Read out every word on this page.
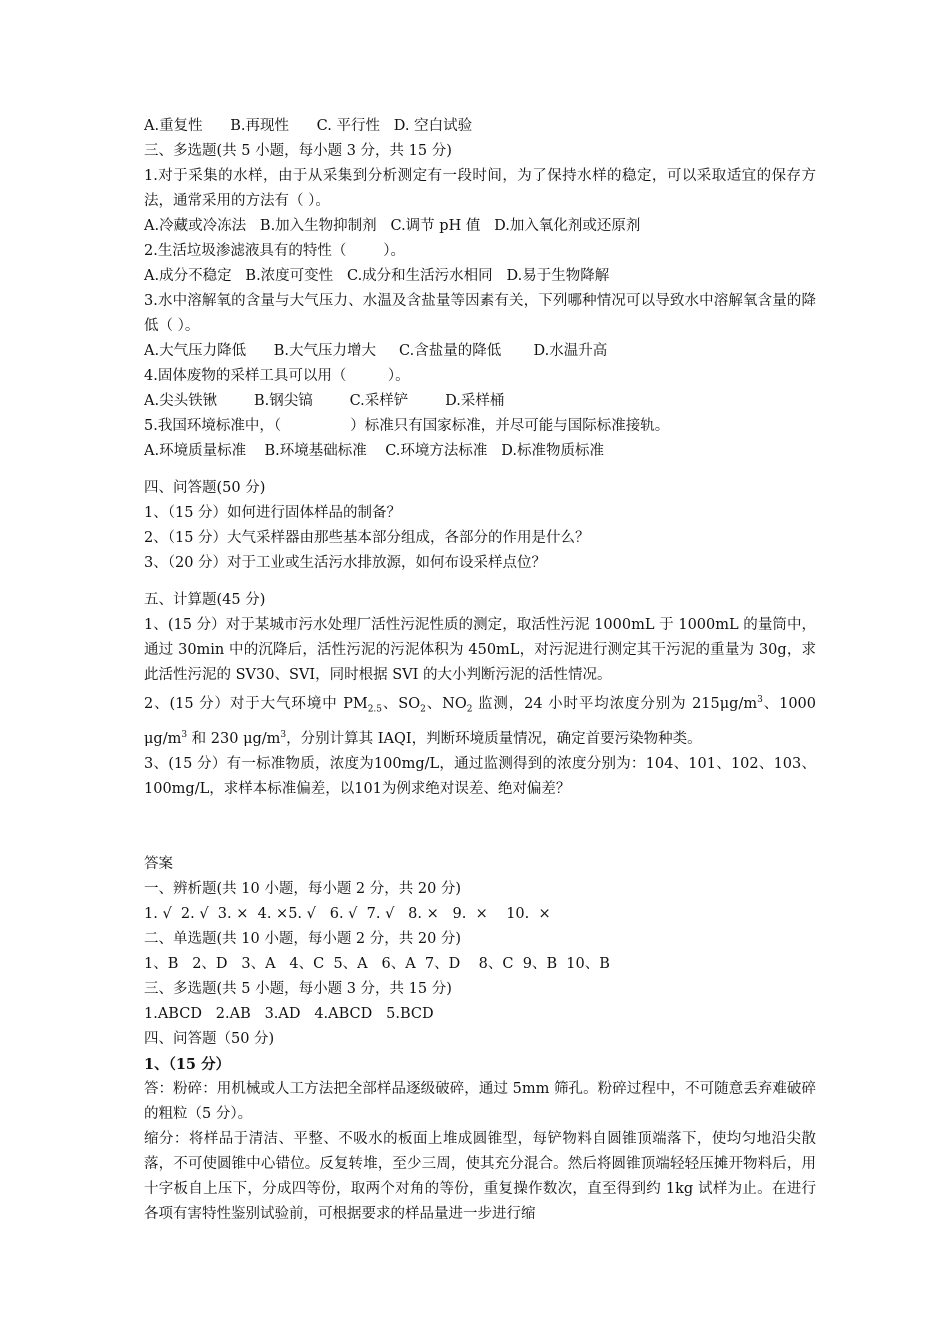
A.重复性      B.再现性      C. 平行性   D. 空白试验

三、多选题(共 5 小题，每小题 3 分，共 15 分)

1.对于采集的水样，由于从采集到分析测定有一段时间，为了保持水样的稳定，可以采取适宜的保存方法，通常采用的方法有（ ）。

A.冷藏或冷冻法   B.加入生物抑制剂   C.调节 pH 值   D.加入氧化剂或还原剂

2.生活垃圾渗滤液具有的特性（        ）。

A.成分不稳定   B.浓度可变性   C.成分和生活污水相同   D.易于生物降解

3.水中溶解氧的含量与大气压力、水温及含盐量等因素有关，下列哪种情况可以导致水中溶解氧含量的降低（ ）。

A.大气压力降低      B.大气压力增大     C.含盐量的降低       D.水温升高

4.固体废物的采样工具可以用（         ）。

A.尖头铁锹        B.钢尖镐        C.采样铲        D.采样桶

5.我国环境标准中，（               ）标准只有国家标准，并尽可能与国际标准接轨。

A.环境质量标准    B.环境基础标准    C.环境方法标准   D.标准物质标准

四、问答题(50 分)

1、（15 分）如何进行固体样品的制备？

2、（15 分）大气采样器由那些基本部分组成，各部分的作用是什么？

3、（20 分）对于工业或生活污水排放源，如何布设采样点位？

五、计算题(45 分)

1、(15 分）对于某城市污水处理厂活性污泥性质的测定，取活性污泥 1000mL 于 1000mL 的量筒中，通过 30min 中的沉降后，活性污泥的污泥体积为 450mL，对污泥进行测定其干污泥的重量为 30g，求此活性污泥的 SV30、SVI，同时根据 SVI 的大小判断污泥的活性情况。

2、(15 分）对于大气环境中 $PM_{2.5}$、$SO_2$、$NO_2$ 监测，24 小时平均浓度分别为 $215\mu g/m^3$、1000 $\mu g/m^3$ 和 230 $\mu g/m^3$，分别计算其 IAQI，判断环境质量情况，确定首要污染物种类。

3、(15 分）有一标准物质，浓度为100mg/L，通过监测得到的浓度分别为：104、101、102、103、100mg/L，求样本标准偏差，以101为例求绝对误差、绝对偏差？

答案

一、辨析题(共 10 小题，每小题 2 分，共 20 分)

1. √  2. √  3. ×  4. ×5. √   6. √  7. √   8. ×   9.  ×    10.  ×

二、单选题(共 10 小题，每小题 2 分，共 20 分)

1、B   2、D   3、A   4、C  5、A   6、A  7、D    8、C  9、B  10、B

三、多选题(共 5 小题，每小题 3 分，共 15 分)

1.ABCD   2.AB   3.AD   4.ABCD   5.BCD

四、问答题（50 分)

1、（15 分）

答：粉碎：用机械或人工方法把全部样品逐级破碎，通过 5mm 筛孔。粉碎过程中，不可随意丢弃难破碎的粗粒（5 分）。

缩分：将样品于清洁、平整、不吸水的板面上堆成圆锥型，每铲物料自圆锥顶端落下，使均匀地沿尖散落，不可使圆锥中心错位。反复转堆，至少三周，使其充分混合。然后将圆锥顶端轻轻压摊开物料后，用十字板自上压下，分成四等份，取两个对角的等份，重复操作数次，直至得到约 1kg 试样为止。在进行各项有害特性鉴别试验前，可根据要求的样品量进一步进行缩
